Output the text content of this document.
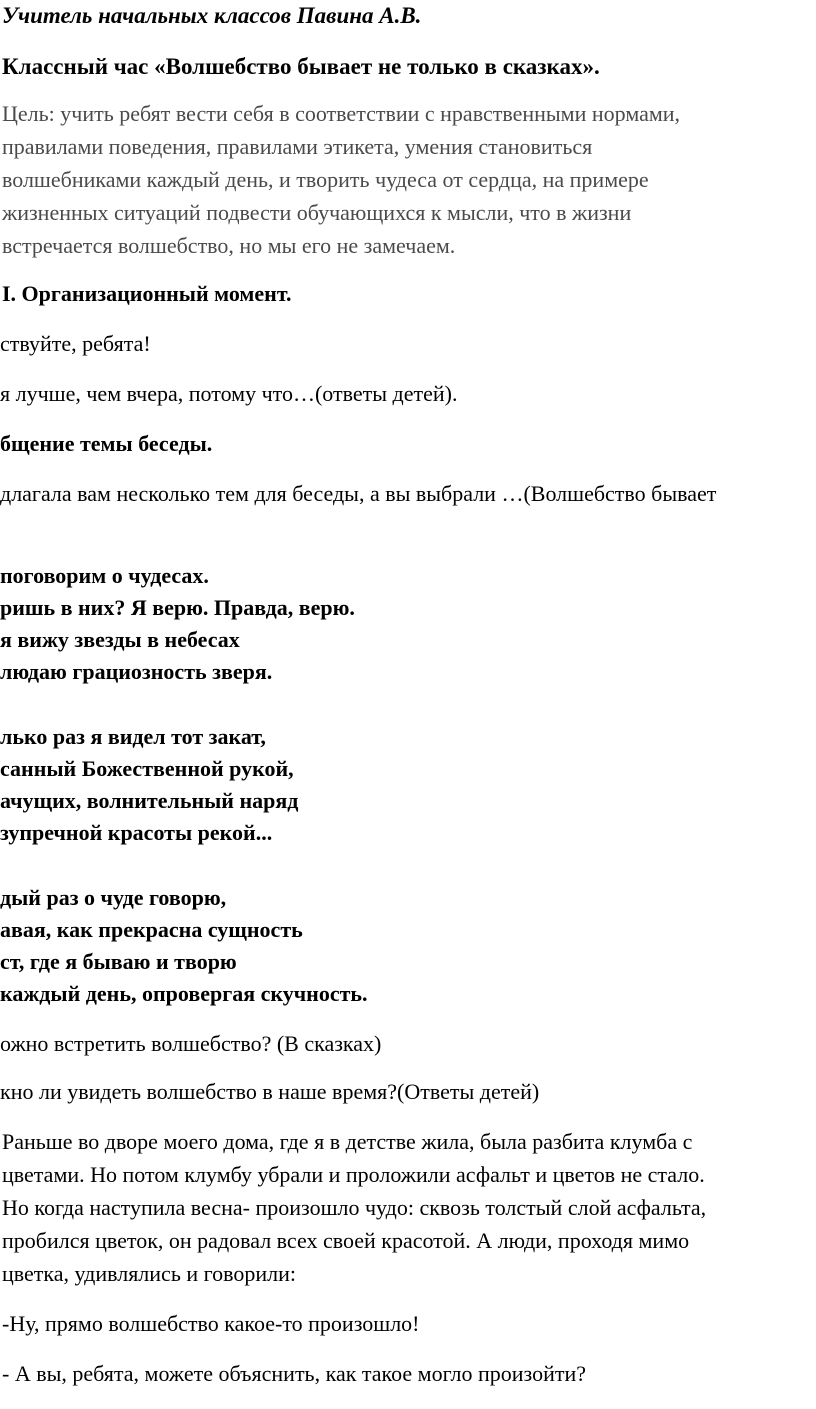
Учитель начальных классов Павина А.В.
Классный час «Волшебство бывает не только в сказках».
Цель: учить ребят вести себя в соответствии с нравственными нормами,
правилами поведения, правилами этикета, умения становиться
волшебниками каждый день, и творить чудеса от сердца, на примере
жизненных ситуаций подвести обучающихся к мысли, что в жизни
встречается волшебство, но мы его не замечаем.
I. Организационный момент.
ствуйте, ребята!
я лучше, чем вчера, потому что…(ответы детей).
бщение темы беседы.
длагала вам несколько тем для беседы, а вы выбрали …(Волшебство бывает
поговорим о чудесах.
ришь в них? Я верю. Правда, верю.
я вижу звезды в небесах
людаю грациозность зверя.
лько раз я видел тот закат,
санный Божественной рукой,
ачущих, волнительный наряд
зупречной красоты рекой...
дый раз о чуде говорю,
авая, как прекрасна сущность
ст, где я бываю и творю
каждый день, опровергая скучность.
ожно встретить волшебство? (В сказках)
кно ли увидеть волшебство в наше время?(Ответы детей)
Раньше во дворе моего дома, где я в детстве жила, была разбита клумба с
цветами. Но потом клумбу убрали и проложили асфальт и цветов не стало.
Но когда наступила весна- произошло чудо: сквозь толстый слой асфальта,
пробился цветок, он радовал всех своей красотой. А люди, проходя мимо
цветка, удивлялись и говорили:
-Ну, прямо волшебство какое-то произошло!
- А вы, ребята, можете объяснить, как такое могло произойти?
